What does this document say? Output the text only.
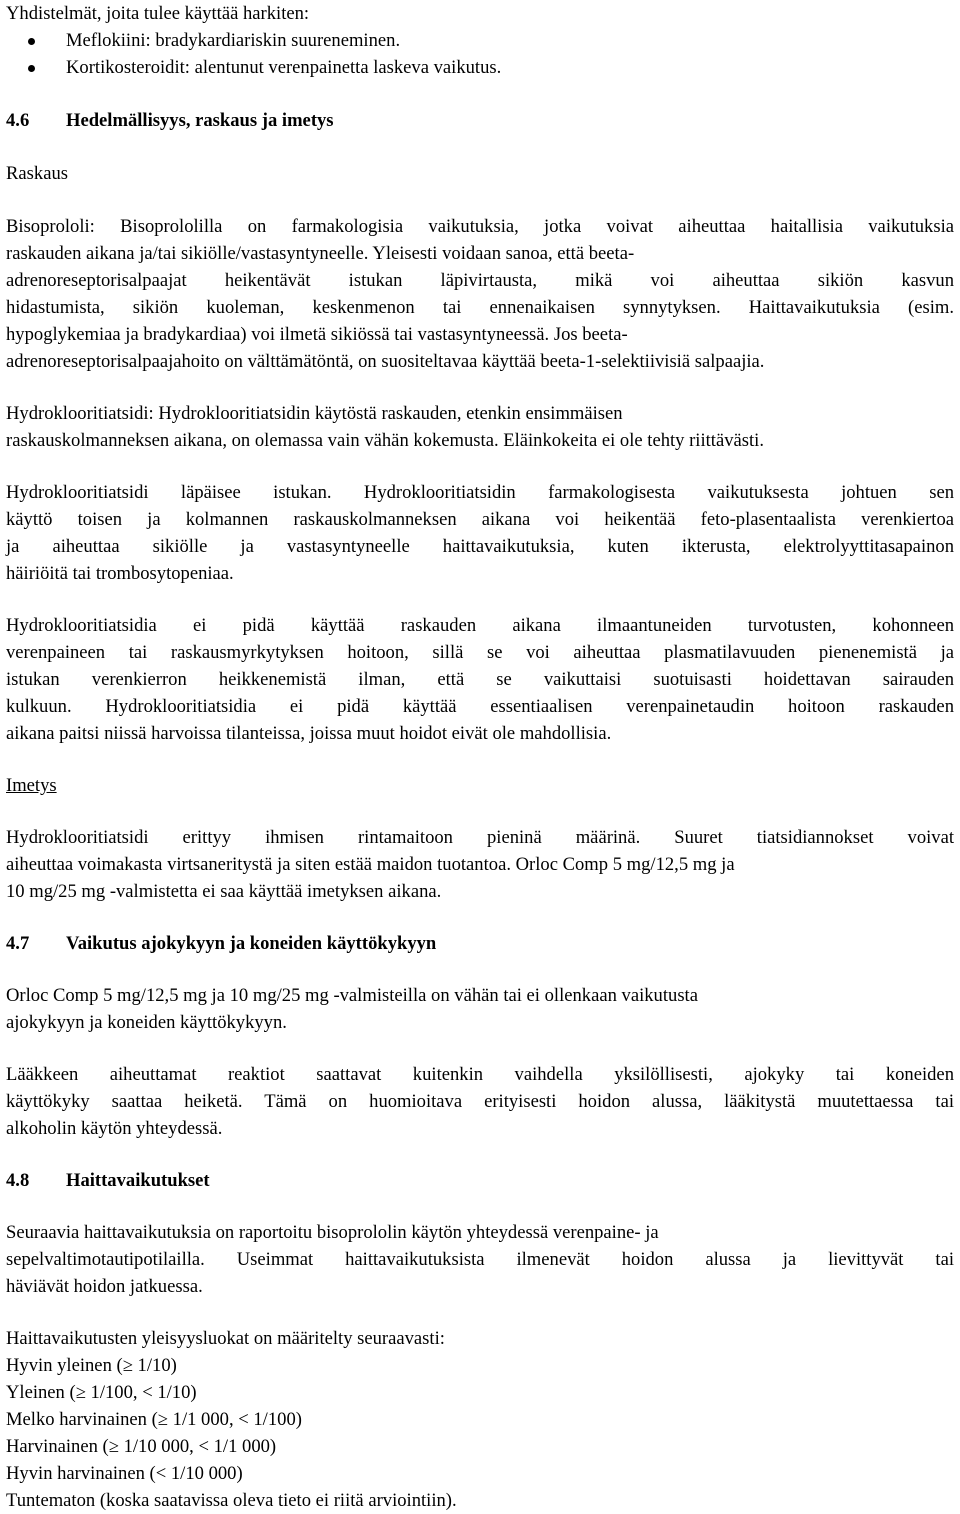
Yhdistelmät, joita tulee käyttää harkiten:

Meflokiini: bradykardiariskin suureneminen.
Kortikosteroidit: alentunut verenpainetta laskeva vaikutus.
4.6 Hedelmällisyys, raskaus ja imetys

Raskaus

Bisoprololi: Bisoprololilla on farmakologisia vaikutuksia, jotka voivat aiheuttaa haitallisia vaikutuksia
raskauden aikana ja/tai sikiölle/vastasyntyneelle. Yleisesti voidaan sanoa, että beeta-
adrenoreseptorisalpaajat heikentävät istukan läpivirtausta, mikä voi aiheuttaa sikiön kasvun
hidastumista, sikiön kuoleman, keskenmenon tai ennenaikaisen synnytyksen. Haittavaikutuksia (esim.
hypoglykemiaa ja bradykardiaa) voi ilmetä sikiössä tai vastasyntyneessä. Jos beeta-
adrenoreseptorisalpaajahoito on välttämätöntä, on suositeltavaa käyttää beeta-1-selektiivisiä salpaajia.

Hydroklooritiatsidi: Hydroklooritiatsidin käytöstä raskauden, etenkin ensimmäisen
raskauskolmanneksen aikana, on olemassa vain vähän kokemusta. Eläinkokeita ei ole tehty riittävästi.

Hydroklooritiatsidi läpäisee istukan. Hydroklooritiatsidin farmakologisesta vaikutuksesta johtuen sen
käyttö toisen ja kolmannen raskauskolmanneksen aikana voi heikentää feto-plasentaalista verenkiertoa
ja aiheuttaa sikiölle ja vastasyntyneelle haittavaikutuksia, kuten ikterusta, elektrolyyttitasapainon
häiriöitä tai trombosytopeniaa.

Hydroklooritiatsidia ei pidä käyttää raskauden aikana ilmaantuneiden turvotusten, kohonneen
verenpaineen tai raskausmyrkytyksen hoitoon, sillä se voi aiheuttaa plasmatilavuuden pienenemistä ja
istukan verenkierron heikkenemistä ilman, että se vaikuttaisi suotuisasti hoidettavan sairauden
kulkuun. Hydroklooritiatsidia ei pidä käyttää essentiaalisen verenpainetaudin hoitoon raskauden
aikana paitsi niissä harvoissa tilanteissa, joissa muut hoidot eivät ole mahdollisia.

Imetys

Hydroklooritiatsidi erittyy ihmisen rintamaitoon pieninä määrinä. Suuret tiatsidiannokset voivat
aiheuttaa voimakasta virtsaneritystä ja siten estää maidon tuotantoa. Orloc Comp 5 mg/12,5 mg ja
10 mg/25 mg -valmistetta ei saa käyttää imetyksen aikana.

4.7 Vaikutus ajokykyyn ja koneiden käyttökykyyn

Orloc Comp 5 mg/12,5 mg ja 10 mg/25 mg -valmisteilla on vähän tai ei ollenkaan vaikutusta
ajokykyyn ja koneiden käyttökykyyn.

Lääkkeen aiheuttamat reaktiot saattavat kuitenkin vaihdella yksilöllisesti, ajokyky tai koneiden
käyttökyky saattaa heiketä. Tämä on huomioitava erityisesti hoidon alussa, lääkitystä muutettaessa tai
alkoholin käytön yhteydessä.

4.8 Haittavaikutukset

Seuraavia haittavaikutuksia on raportoitu bisoprololin käytön yhteydessä verenpaine- ja
sepelvaltimotautipotilailla. Useimmat haittavaikutuksista ilmenevät hoidon alussa ja lievittyvät tai
häviävät hoidon jatkuessa.

Haittavaikutusten yleisyysluokat on määritelty seuraavasti:

Hyvin yleinen (≥ 1/10)

Yleinen (≥ 1/100, < 1/10)

Melko harvinainen (≥ 1/1 000, < 1/100)

Harvinainen (≥ 1/10 000, < 1/1 000)

Hyvin harvinainen (< 1/10 000)

Tuntematon (koska saatavissa oleva tieto ei riitä arviointiin).
